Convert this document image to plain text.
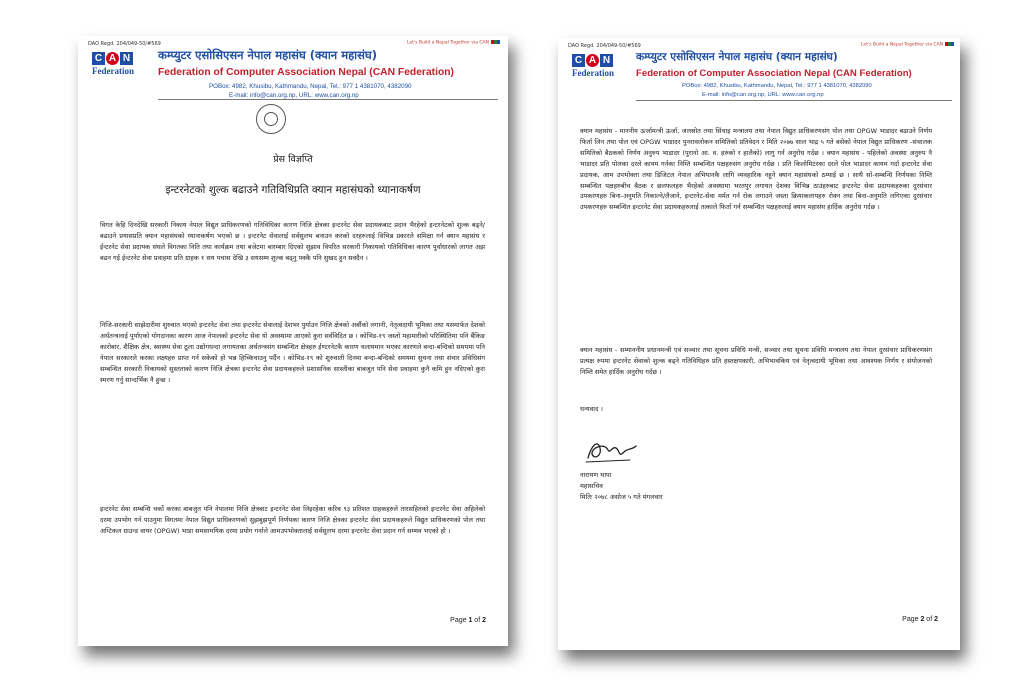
DAO Regd. 204/049-50/#569	Let's Build a Nepal Together via CAN
C A N
Federation
कम्प्युटर एसोसिएसन नेपाल महासंघ (क्यान महासंघ)
Federation of Computer Association Nepal (CAN Federation)
POBox: 4982, Khusibu, Kathmandu, Nepal, Tel.: 977 1 4381070, 4382090
E-mail: info@can.org.np, URL: www.can.org.np
प्रेस विज्ञप्ति
इन्टरनेटको शुल्क बढाउने गतिविधिप्रति क्यान महासंघको ध्यानाकर्षण
विगत केहि दिनदेखि सरकारी निकाय नेपाल विद्युत प्राधिकरणको गतिविधिका कारण निजि क्षेत्रका इन्टरनेट सेवा प्रदायकबाट प्रदान भैरहेको इन्टरनेटको शुल्क बढ्ने/बढाउने प्रयासप्रति क्यान महासंघको ध्यानाकर्षण भएको छ । इन्टरनेट सेवालाई सर्वसुलभ बनाउन करको दरहरुलाई विभिन्न प्रकारले समिक्षा गर्न क्यान महासंघ र ईन्टरनेट सेवा प्रदायक संघले विगतका निति तथा कार्यक्रम तथा बजेटमा बारम्बार दिएको सुझाव विपरित सरकारी निकायको गतिविधिका कारण पुर्वाधारको लागत अझ बढन गई ईन्टरनेट सेवा प्रवाहमा प्रति ग्राहक १ सय पचास देखि ३ सयसम्म शुल्क बढ्नु पक्कै पनि सुखद हुन सक्दैन ।
निजि-सरकारी साझेदारीमा शुरुवात भएको इन्टरनेट सेवा तथा इन्टरनेट सेवालाई देशभर पुर्याउन निजि क्षेत्रको अर्बौको लगानी, नेतृत्वदायी भूमिका तथा यसमार्फत देशको अर्थतन्त्रलाई पुर्याएको योगदानका कारण आज नेपालको इन्टरनेट सेवा यो अवस्थामा आएको कुरा सर्वविदित छ । कोभिड-१९ जस्तो महामारीको परिस्थितिमा पनि बैंकिङ कारोबार, शैक्षिक क्षेत्र, स्वास्थ्य सेवा ठूला उद्योगधन्दा लगायतका अर्थतन्त्रसंग सम्बन्धित क्षेत्रहरु ईण्टरनेटकै कारण चलायमान भएका कारणले बन्दा-बन्दिको समयमा पनि नेपाल सरकारले करका लक्ष्यहरु प्राप्त गर्न सकेको हो भन्न हिच्किचाउनु पर्दैन । कोभिड-१९ को शुरुवाती दिनमा बन्दा-बन्दिको समयमा सुचना तथा संचार प्रविधिसंग सम्बन्धित सरकारी निकायको सुस्तताको कारण निजि क्षेत्रका इन्टरनेट सेवा प्रदायकहरुले प्रशासनिक सास्तीका बाबजुत पनि सेवा प्रवाहमा कुनै कमि हुन नदिएको कुरा स्मरण गर्नु सान्दर्भिक नै हुन्छ ।
इन्टरनेट सेवा सम्बन्धि चर्को करका बाबजुत पनि नेपालमा निजि क्षेत्रबाट इन्टरनेट सेवा लिइरहेका करिब ९३ प्रतिशत ग्राहकहरुले तारसहितको इन्टरनेट सेवा अहिलेको दरमा उपभोग गर्न पाउनुमा विगतमा नेपाल विद्युत प्राधिकरणको सुझबुझपूर्ण निर्णयका कारण निजि क्षेत्रका इन्टरनेट सेवा प्रदायकहरुले विद्युत प्राधिकरणको पोल तथा अप्टिकल ग्राउन्ड वायर (OPGW) भाडा समसामयिक दरमा प्रयोग गर्नाले आमउपभोक्तालाई सर्वसुलभ दरमा इन्टरनेट सेवा प्रदान गर्न सम्भव भएको हो ।
Page 1 of 2
DAO Regd. 204/049-50/#569	Let's Build a Nepal Together via CAN
C A N
Federation
कम्प्युटर एसोसिएसन नेपाल महासंघ (क्यान महासंघ)
Federation of Computer Association Nepal (CAN Federation)
POBox: 4982, Khusibu, Kathmandu, Nepal, Tel.: 977 1 4381070, 4382090
E-mail: info@can.org.np, URL: www.can.org.np
क्यान महासंघ - माननीय ऊर्जामन्त्री ऊर्जा, जलस्रोत तथा सिंचाइ मन्त्रालय तथा नेपाल विद्युत प्राधिकरणसंग पोल तथा OPGW भाडादर बढाउने निर्णय फिर्ता लिन तथा पोल एवं OPGW भाडादर पुनरावलोकन समितिको प्रतिवेदन र मिति २०७७ साल भाद्र ५ गते बसेको नेपाल विद्युत प्राधिकरण -संचालक समितिको बैठकको निर्णय अनुरुप भाडादर (पुरानो आ. व. हरुको र हालैको) लागु गर्न अनुरोध गर्दछ । क्यान महासंघ - पहिलेको अवस्था अनुरुप नै भाडादर प्रति पोलका दरले कायम गर्नका निम्ति सम्बन्धित पक्षहरुसंग अनुरोध गर्दछ । प्रति किलोमिटरका दरले पोल भाडादर कायम गर्दा इन्टरनेट सेवा प्रदायक, आम उपभोक्ता तथा डिजिटल नेपाल अभियानकै लागि व्यवहारिक नहुने क्यान महासंघको ठम्याई छ । साथै सो-सम्बन्धि निर्णयका निम्ति सम्बन्धित पक्षहरुबीच बैठक र छलफलहरु भैरहेको अवस्थामा भरतपुर लगायत देशका विभिन्न ठाउंहरुबाट इन्टरनेट सेवा प्रदायकहरुका दुरसंचार उपकरणहरु बिना-अनुमति निकाल्ने/लैजाने, इन्टरनेट-सेवा मर्मत गर्न रोक लगाउने जस्ता क्रियाकलापहरु रोक्न तथा बिना-अनुमति लगिएका दुरसंचार उपकरणहरु सम्बन्धित इन्टरनेट सेवा प्रदायकहरुलाई तत्काले फिर्ता गर्न सम्बन्धित पक्षहरुलाई क्यान महासंघ हार्दिक अनुरोध गर्दछ ।
क्यान महासंघ - सम्माननीय प्रधानमन्त्री एवं सञ्चार तथा सूचना प्रविधि मन्त्री, सञ्चार तथा सूचना प्रविधि मन्त्रालय तथा नेपाल दुरसंचार प्राधिकरणसंग प्रत्यक्ष रुपमा इन्टरनेट सेवाको शुल्क बढ्ने गतिविधिहरु प्रति हस्तक्षपकारी, अभिभावकिय एवं नेतृत्वदायी भूमिका तथा आवश्यक निर्णय र संयोजनको निम्ति समेत हार्दिक अनुरोध गर्दछ ।
धन्यवाद ।
नारायण थापा
महासचिव
मितिः २०७८ असोज ५ गते मंगलवार
Page 2 of 2
